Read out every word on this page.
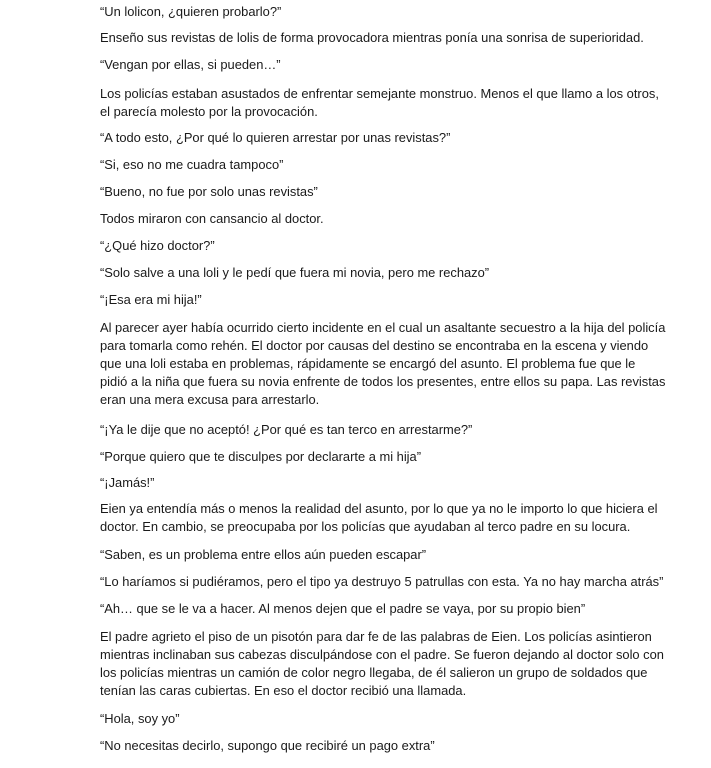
“Un lolicon, ¿quieren probarlo?”

Enseño sus revistas de lolis de forma provocadora mientras ponía una sonrisa de superioridad.

“Vengan por ellas, si pueden…”

Los policías estaban asustados de enfrentar semejante monstruo. Menos el que llamo a los otros,
el parecía molesto por la provocación.

“A todo esto, ¿Por qué lo quieren arrestar por unas revistas?”

“Si, eso no me cuadra tampoco”

“Bueno, no fue por solo unas revistas”

Todos miraron con cansancio al doctor.

“¿Qué hizo doctor?”

“Solo salve a una loli y le pedí que fuera mi novia, pero me rechazo”

“¡Esa era mi hija!”

Al parecer ayer había ocurrido cierto incidente en el cual un asaltante secuestro a la hija del policía
para tomarla como rehén. El doctor por causas del destino se encontraba en la escena y viendo
que una loli estaba en problemas, rápidamente se encargó del asunto. El problema fue que le
pidió a la niña que fuera su novia enfrente de todos los presentes, entre ellos su papa. Las revistas
eran una mera excusa para arrestarlo.

“¡Ya le dije que no aceptó! ¿Por qué es tan terco en arrestarme?”

“Porque quiero que te disculpes por declararte a mi hija”

“¡Jamás!”

Eien ya entendía más o menos la realidad del asunto, por lo que ya no le importo lo que hiciera el
doctor. En cambio, se preocupaba por los policías que ayudaban al terco padre en su locura.

“Saben, es un problema entre ellos aún pueden escapar”

“Lo haríamos si pudiéramos, pero el tipo ya destruyo 5 patrullas con esta. Ya no hay marcha atrás”

“Ah… que se le va a hacer. Al menos dejen que el padre se vaya, por su propio bien”

El padre agrieto el piso de un pisotón para dar fe de las palabras de Eien. Los policías asintieron
mientras inclinaban sus cabezas disculpándose con el padre. Se fueron dejando al doctor solo con
los policías mientras un camión de color negro llegaba, de él salieron un grupo de soldados que
tenían las caras cubiertas. En eso el doctor recibió una llamada.

“Hola, soy yo”

“No necesitas decirlo, supongo que recibiré un pago extra”
